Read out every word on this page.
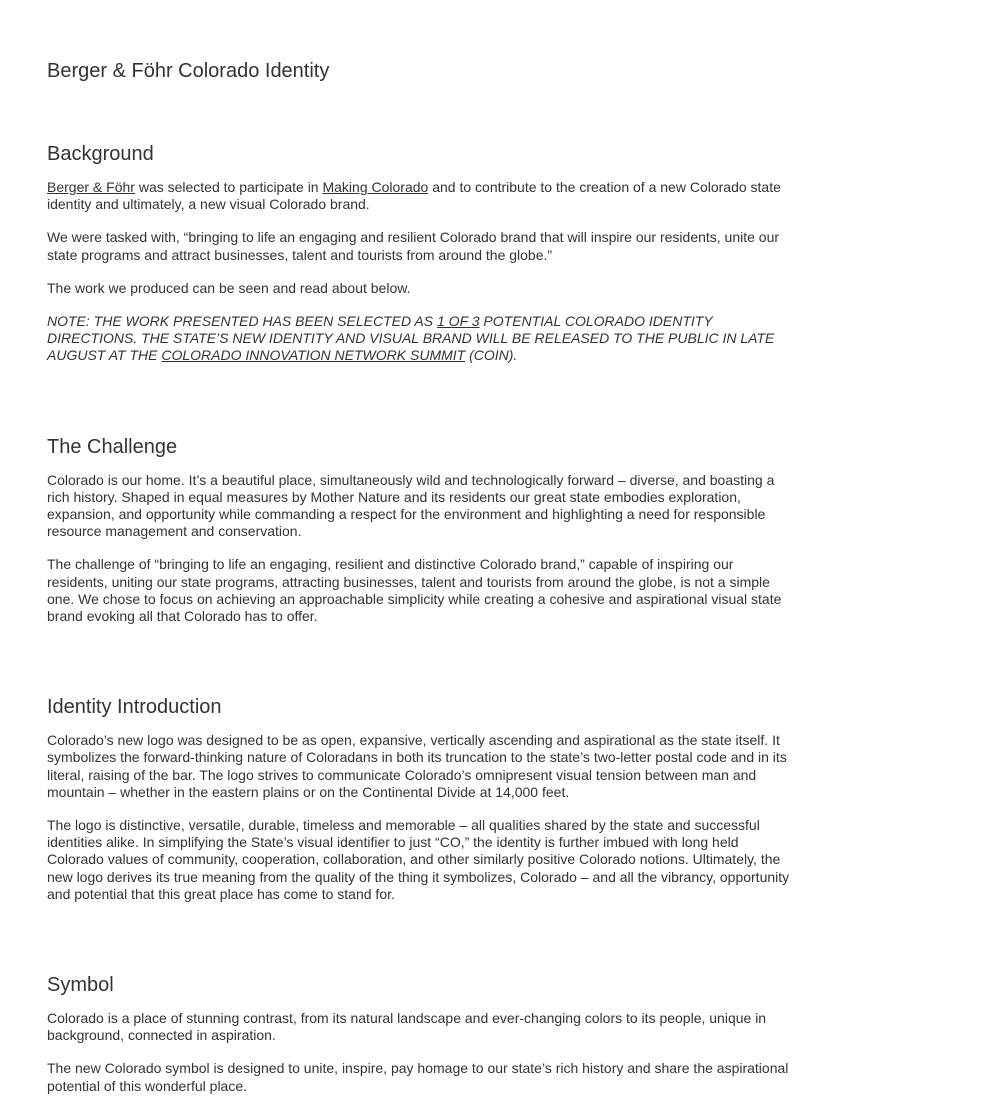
Berger & Föhr Colorado Identity
Background

Berger & Föhr was selected to participate in Making Colorado and to contribute to the creation of a new Colorado state identity and ultimately, a new visual Colorado brand.

We were tasked with, “bringing to life an engaging and resilient Colorado brand that will inspire our residents, unite our state programs and attract businesses, talent and tourists from around the globe.”

The work we produced can be seen and read about below.

NOTE: THE WORK PRESENTED HAS BEEN SELECTED AS 1 OF 3 POTENTIAL COLORADO IDENTITY DIRECTIONS. THE STATE’S NEW IDENTITY AND VISUAL BRAND WILL BE RELEASED TO THE PUBLIC IN LATE AUGUST AT THE COLORADO INNOVATION NETWORK SUMMIT (COIN).

The Challenge

Colorado is our home. It’s a beautiful place, simultaneously wild and technologically forward – diverse, and boasting a rich history. Shaped in equal measures by Mother Nature and its residents our great state embodies exploration, expansion, and opportunity while commanding a respect for the environment and highlighting a need for responsible resource management and conservation.

The challenge of “bringing to life an engaging, resilient and distinctive Colorado brand,” capable of inspiring our residents, uniting our state programs, attracting businesses, talent and tourists from around the globe, is not a simple one. We chose to focus on achieving an approachable simplicity while creating a cohesive and aspirational visual state brand evoking all that Colorado has to offer.

Identity Introduction

Colorado’s new logo was designed to be as open, expansive, vertically ascending and aspirational as the state itself. It symbolizes the forward-thinking nature of Coloradans in both its truncation to the state’s two-letter postal code and in its literal, raising of the bar. The logo strives to communicate Colorado’s omnipresent visual tension between man and mountain – whether in the eastern plains or on the Continental Divide at 14,000 feet.

The logo is distinctive, versatile, durable, timeless and memorable – all qualities shared by the state and successful identities alike. In simplifying the State’s visual identifier to just “CO,” the identity is further imbued with long held Colorado values of community, cooperation, collaboration, and other similarly positive Colorado notions. Ultimately, the new logo derives its true meaning from the quality of the thing it symbolizes, Colorado – and all the vibrancy, opportunity and potential that this great place has come to stand for.

Symbol

Colorado is a place of stunning contrast, from its natural landscape and ever-changing colors to its people, unique in background, connected in aspiration.

The new Colorado symbol is designed to unite, inspire, pay homage to our state’s rich history and share the aspirational potential of this wonderful place.
